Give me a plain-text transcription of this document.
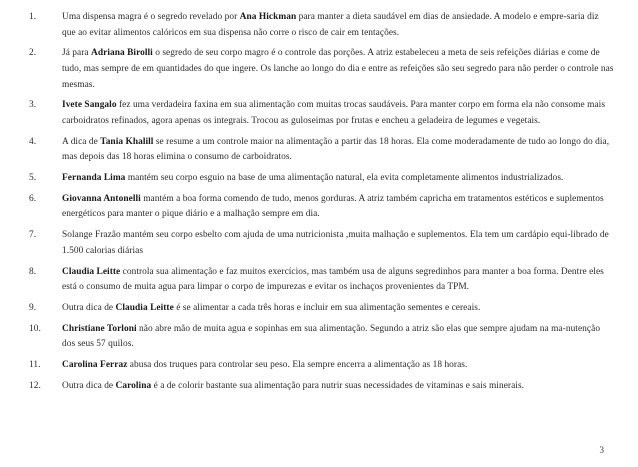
1.	Uma dispensa magra é o segredo revelado por Ana Hickman para manter a dieta saudável em dias de ansiedade. A modelo e empre-saria diz que ao evitar alimentos calóricos em sua dispensa não corre o risco de cair em tentações.
2.	Já para Adriana Birolli o segredo de seu corpo magro é o controle das porções. A atriz estabeleceu a meta de seis refeições diárias e come de tudo, mas sempre de em quantidades do que ingere. Os lanche ao longo do dia e entre as refeições são seu segredo para não perder o controle nas mesmas.
3.	Ivete Sangalo fez uma verdadeira faxina em sua alimentação com muitas trocas saudáveis. Para manter corpo em forma ela não consome mais carboidratos refinados, agora apenas os integrais. Trocou as guloseimas por frutas e encheu a geladeira de legumes e vegetais.
4.	A dica de Tania Khalill se resume a um controle maior na alimentação a partir das 18 horas. Ela come moderadamente de tudo ao longo do dia, mas depois das 18 horas elimina o consumo de carboidratos.
5.	Fernanda Lima mantém seu corpo esguio na base de uma alimentação natural, ela evita completamente alimentos industrializados.
6.	Giovanna Antonelli mantém a boa forma comendo de tudo, menos gorduras. A atriz também capricha em tratamentos estéticos e suplementos energéticos para manter o pique diário e a malhação sempre em dia.
7.	Solange Frazão mantém seu corpo esbelto com ajuda de uma nutricionista ,muita malhação e suplementos. Ela tem um cardápio equi-librado de 1.500 calorias diárias
8.	Claudia Leitte controla sua alimentação e faz muitos exercícios, mas também usa de alguns segredinhos para manter a boa forma. Dentre eles está o consumo de muita agua para limpar o corpo de impurezas e evitar os inchaços provenientes da TPM.
9.	Outra dica de Claudia Leitte é se alimentar a cada três horas e incluir em sua alimentação sementes e cereais.
10.	Christiane Torloni não abre mão de muita agua e sopinhas em sua alimentação. Segundo a atriz são elas que sempre ajudam na ma-nutenção dos seus 57 quilos.
11.	Carolina Ferraz abusa dos truques para controlar seu peso. Ela sempre encerra a alimentação as 18 horas.
12.	Outra dica de Carolina é a de colorir bastante sua alimentação para nutrir suas necessidades de vitaminas e sais minerais.
3
